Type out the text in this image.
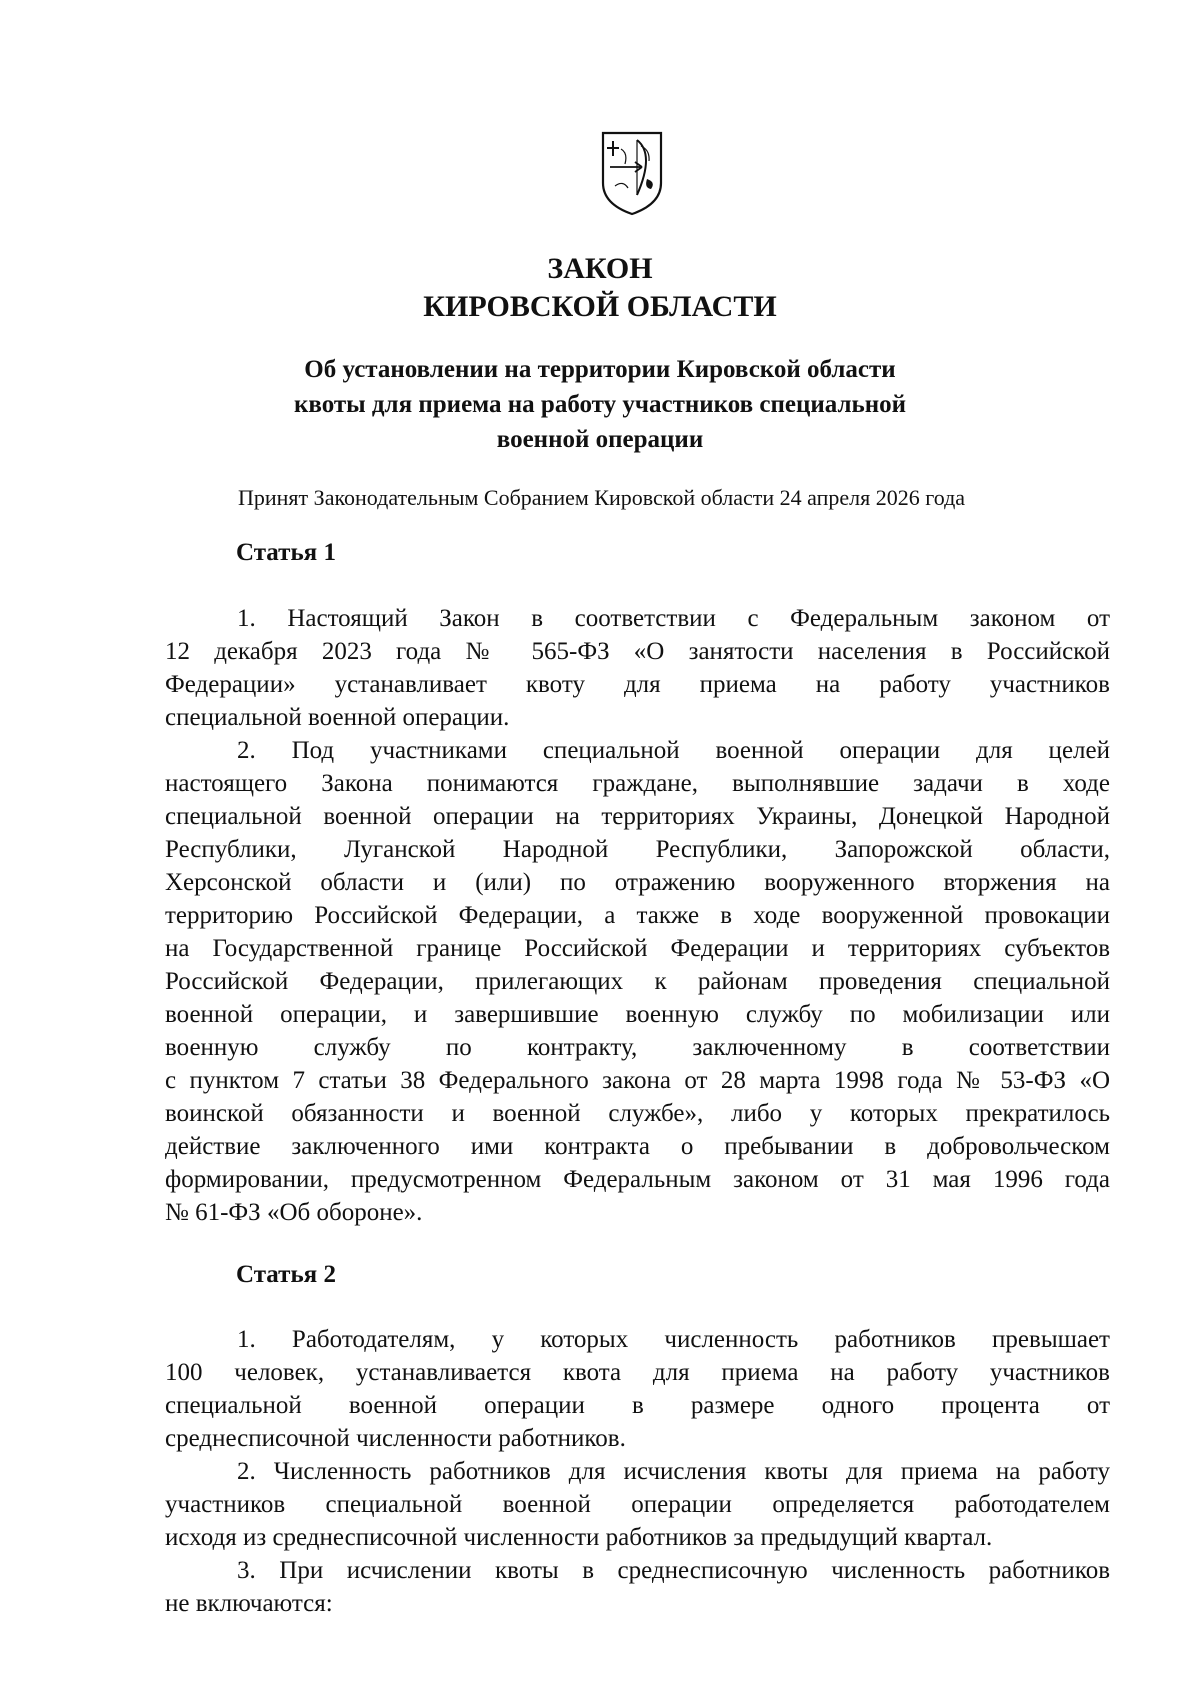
ЗАКОН
КИРОВСКОЙ ОБЛАСТИ
Об установлении на территории Кировской области
квоты для приема на работу участников специальной
военной операции
Принят Законодательным Собранием Кировской области 24 апреля 2026 года
Статья 1
1. Настоящий Закон в соответствии с Федеральным законом от
12 декабря 2023 года № 565-ФЗ «О занятости населения в Российской
Федерации» устанавливает квоту для приема на работу участников
специальной военной операции.
2. Под участниками специальной военной операции для целей
настоящего Закона понимаются граждане, выполнявшие задачи в ходе
специальной военной операции на территориях Украины, Донецкой Народной
Республики, Луганской Народной Республики, Запорожской области,
Херсонской области и (или) по отражению вооруженного вторжения на
территорию Российской Федерации, а также в ходе вооруженной провокации
на Государственной границе Российской Федерации и территориях субъектов
Российской Федерации, прилегающих к районам проведения специальной
военной операции, и завершившие военную службу по мобилизации или
военную службу по контракту, заключенному в соответствии
с пунктом 7 статьи 38 Федерального закона от 28 марта 1998 года № 53-ФЗ «О
воинской обязанности и военной службе», либо у которых прекратилось
действие заключенного ими контракта о пребывании в добровольческом
формировании, предусмотренном Федеральным законом от 31 мая 1996 года
№ 61-ФЗ «Об обороне».
Статья 2
1. Работодателям, у которых численность работников превышает
100 человек, устанавливается квота для приема на работу участников
специальной военной операции в размере одного процента от
среднесписочной численности работников.
2. Численность работников для исчисления квоты для приема на работу
участников специальной военной операции определяется работодателем
исходя из среднесписочной численности работников за предыдущий квартал.
3. При исчислении квоты в среднесписочную численность работников
не включаются:
